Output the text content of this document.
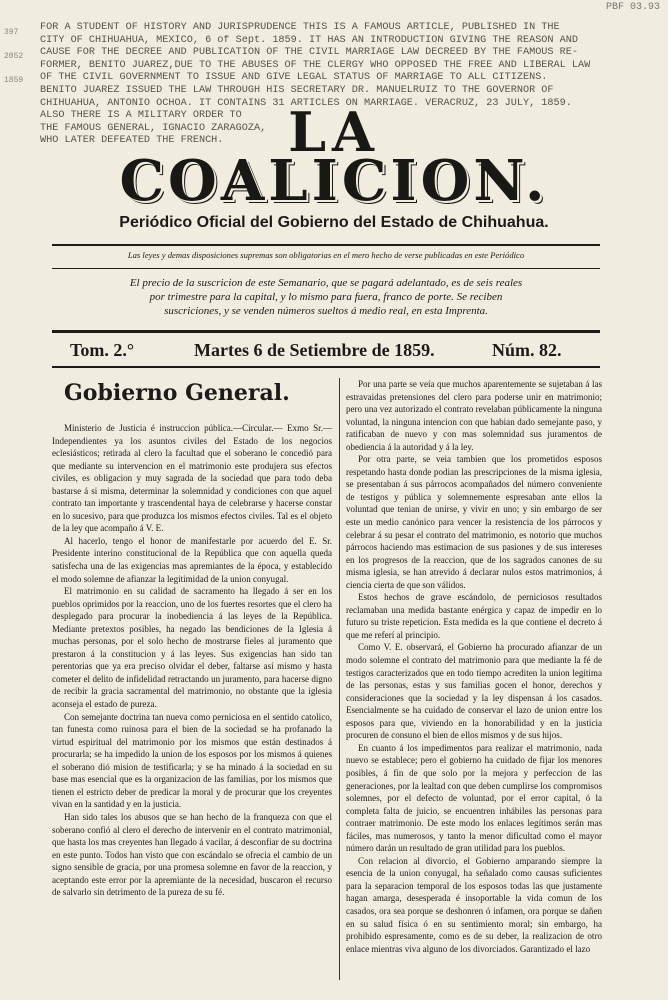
PBF 03.93
397
2052
1859
FOR A STUDENT OF HISTORY AND JURISPRUDENCE THIS IS A FAMOUS ARTICLE, PUBLISHED IN THE
CITY OF CHIHUAHUA, MEXICO, 6 of Sept. 1859. IT HAS AN INTRODUCTION GIVING THE REASON AND
CAUSE FOR THE DECREE AND PUBLICATION OF THE CIVIL MARRIAGE LAW DECREED BY THE FAMOUS RE-
FORMER, BENITO JUAREZ,DUE TO THE ABUSES OF THE CLERGY WHO OPPOSED THE FREE AND LIBERAL LAW
OF THE CIVIL GOVERNMENT TO ISSUE AND GIVE LEGAL STATUS OF MARRIAGE TO ALL CITIZENS.
BENITO JUAREZ ISSUED THE LAW THROUGH HIS SECRETARY DR. MANUELRUIZ TO THE GOVERNOR OF
CHIHUAHUA, ANTONIO OCHOA. IT CONTAINS 31 ARTICLES ON MARRIAGE. VERACRUZ, 23 JULY, 1859.
ALSO THERE IS A MILITARY ORDER TO
THE FAMOUS GENERAL, IGNACIO ZARAGOZA,
WHO LATER DEFEATED THE FRENCH.	LA
COALICION.
Periódico Oficial del Gobierno del Estado de Chihuahua.
Las leyes y demas disposiciones supremas son obligatorias en el mero hecho de verse publicadas en este Periódico
El precio de la suscricion de este Semanario, que se pagará adelantado, es de seis reales
por trimestre para la capital, y lo mismo para fuera, franco de porte. Se reciben
suscriciones, y se venden números sueltos á medio real, en esta Imprenta.
Tom. 2.°	Martes 6 de Setiembre de 1859.	Núm. 82.

Gobierno General.

Ministerio de Justicia é instruccion pública.—Circular.— Exmo Sr.—Independientes ya los asuntos civiles del Estado de los negocios eclesiásticos; retirada al clero la facultad que el soberano le concedió para que mediante su intervencion en el matrimonio este produjera sus efectos civiles, es obligacion y muy sagrada de la sociedad que para todo deba bastarse á si misma, determinar la solemnidad y condiciones con que aquel contrato tan importante y trascendental haya de celebrarse y hacerse constar en lo sucesivo, para que produzca los mismos efectos civiles. Tal es el objeto de la ley que acompaño á V. E.

Al hacerlo, tengo el honor de manifestarle por acuerdo del E. Sr. Presidente interino constitucional de la República que con aquella queda satisfecha una de las exigencias mas apremiantes de la época, y establecido el modo solemne de afianzar la legitimidad de la union conyugal.

El matrimonio en su calidad de sacramento ha llegado á ser en los pueblos oprimidos por la reaccion, uno de los fuertes resortes que el clero ha desplegado para procurar la inobediencia á las leyes de la República. Mediante pretextos posibles, ha negado las bendiciones de la Iglesia á muchas personas, por el solo hecho de mostrarse fieles al juramento que prestaron á la constitucion y á las leyes. Sus exigencias han sido tan perentorias que ya era preciso olvidar el deber, faltarse así mismo y hasta cometer el delito de infidelidad retractando un juramento, para hacerse digno de recibir la gracia sacramental del matrimonio, no obstante que la iglesia aconseja el estado de pureza.

Con semejante doctrina tan nueva como perniciosa en el sentido catolico, tan funesta como ruinosa para el bien de la sociedad se ha profanado la virtud espiritual del matrimonio por los mismos que están destinados á procurarla; se ha impedido la union de los esposos por los mismos á quienes el soberano dió mision de testificarla; y se ha minado á la sociedad en su base mas esencial que es la organizacion de las familias, por los mismos que tienen el estricto deber de predicar la moral y de procurar que los creyentes vivan en la santidad y en la justicia.

Han sido tales los abusos que se han hecho de la franqueza con que el soberano confió al clero el derecho de intervenir en el contrato matrimonial, que hasta los mas creyentes han llegado á vacilar, á desconfiar de su doctrina en este punto. Todos han visto que con escándalo se ofrecia el cambio de un signo sensible de gracia, por una promesa solemne en favor de la reaccion, y aceptando este error por la apremiante de la necesidad, buscaron el recurso de salvarlo sin detrimento de la pureza de su fé.

Por una parte se veía que muchos aparentemente se sujetaban á las estravaidas pretensiones del clero para poderse unir en matrimonio; pero una vez autorizado el contrato revelaban públicamente la ninguna voluntad, la ninguna intencion con que habian dado semejante paso, y ratificaban de nuevo y con mas solemnidad sus juramentos de obediencia á la autoridad y á la ley.

Por otra parte, se veia tambien que los prometidos esposos respetando hasta donde podian las prescripciones de la misma iglesia, se presentaban á sus párrocos acompañados del número conveniente de testigos y pública y solemnemente espresaban ante ellos la voluntad que tenian de unirse, y vivir en uno; y sin embargo de ser este un medio canónico para vencer la resistencia de los párrocos y celebrar á su pesar el contrato del matrimonio, es notorio que muchos párrocos haciendo mas estimacion de sus pasiones y de sus intereses en los progresos de la reaccion, que de los sagrados canones de su misma iglesia, se han atrevido á declarar nulos estos matrimonios, á ciencia cierta de que son válidos.

Estos hechos de grave escándolo, de perniciosos resultados reclamaban una medida bastante enérgica y capaz de impedir en lo futuro su triste repeticion. Esta medida es la que contiene el decreto á que me referí al principio.

Como V. E. observará, el Gobierno ha procurado afianzar de un modo solemne el contrato del matrimonio para que mediante la fé de testigos caracterizados que en todo tiempo acrediten la union legítima de las personas, estas y sus familias gocen el honor, derechos y consideraciones que la sociedad y la ley dispensan á los casados. Esencialmente se ha cuidado de conservar el lazo de union entre los esposos para que, viviendo en la honorabilidad y en la justicia procuren de consuno el bien de ellos mismos y de sus hijos.

En cuanto á los impedimentos para realizar el matrimonio, nada nuevo se establece; pero el gobierno ha cuidado de fijar los menores posibles, á fin de que solo por la mejora y perfeccion de las generaciones, por la lealtad con que deben cumplirse los compromisos solemnes, por el defecto de voluntad, por el error capital, ó la completa falta de juicio, se encuentren inhábiles las personas para contraer matrimonio. De este modo los enlaces legítimos serán mas fáciles, mas numerosos, y tanto la menor dificultad como el mayor número darán un resultado de gran utilidad para los pueblos.

Con relacion al divorcio, el Gobierno amparando siempre la esencia de la union conyugal, ha señalado como causas suficientes para la separacion temporal de los esposos todas las que justamente hagan amarga, desesperada é insoportable la vida comun de los casados, ora sea porque se deshonren ó infamen, ora porque se dañen en su salud física ó en su sentimiento moral; sin embargo, ha prohibido espresamente, como es de su deber, la realizacion de otro enlace mientras viva alguno de los divorciados. Garantizado el lazo
